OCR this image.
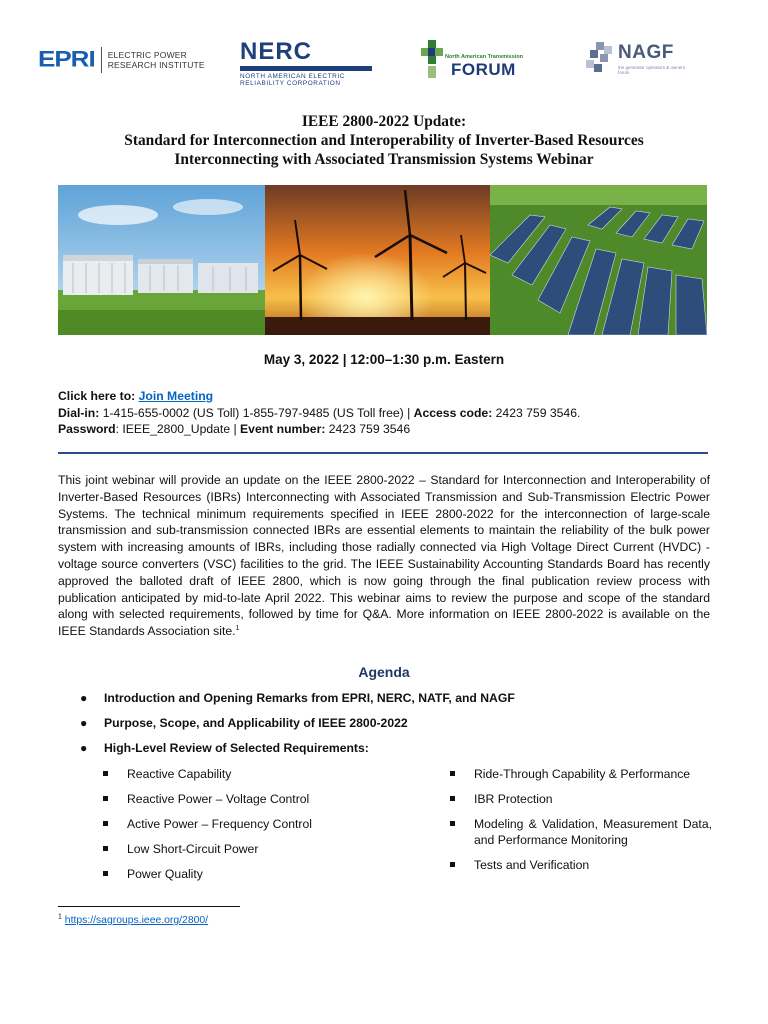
EPRI ELECTRIC POWER
RESEARCH INSTITUTE NERC
NORTH AMERICAN ELECTRIC
RELIABILITY CORPORATION
North American Transmission
FORUM
NAGF
the generator operators & owners forum
IEEE 2800-2022 Update:
Standard for Interconnection and Interoperability of Inverter-Based Resources
Interconnecting with Associated Transmission Systems Webinar
May 3, 2022 | 12:00–1:30 p.m. Eastern
Click here to: Join Meeting
Dial-in: 1-415-655-0002 (US Toll) 1-855-797-9485 (US Toll free) | Access code: 2423 759 3546.
Password: IEEE_2800_Update | Event number: 2423 759 3546
This joint webinar will provide an update on the IEEE 2800-2022 – Standard for Interconnection and Interoperability of Inverter-Based Resources (IBRs) Interconnecting with Associated Transmission and Sub-Transmission Electric Power Systems. The technical minimum requirements specified in IEEE 2800-2022 for the interconnection of large-scale transmission and sub-transmission connected IBRs are essential elements to maintain the reliability of the bulk power system with increasing amounts of IBRs, including those radially connected via High Voltage Direct Current (HVDC) - voltage source converters (VSC) facilities to the grid. The IEEE Sustainability Accounting Standards Board has recently approved the balloted draft of IEEE 2800, which is now going through the final publication review process with publication anticipated by mid-to-late April 2022. This webinar aims to review the purpose and scope of the standard along with selected requirements, followed by time for Q&A. More information on IEEE 2800-2022 is available on the IEEE Standards Association site.$^1$
Agenda
● Introduction and Opening Remarks from EPRI, NERC, NATF, and NAGF
● Purpose, Scope, and Applicability of IEEE 2800-2022
● High-Level Review of Selected Requirements:
Reactive Capability
Reactive Power – Voltage Control
Active Power – Frequency Control
Low Short-Circuit Power
Power Quality
Ride-Through Capability & Performance
IBR Protection
Modeling & Validation, Measurement Data, and Performance Monitoring
Tests and Verification
$^1$ https://sagroups.ieee.org/2800/
